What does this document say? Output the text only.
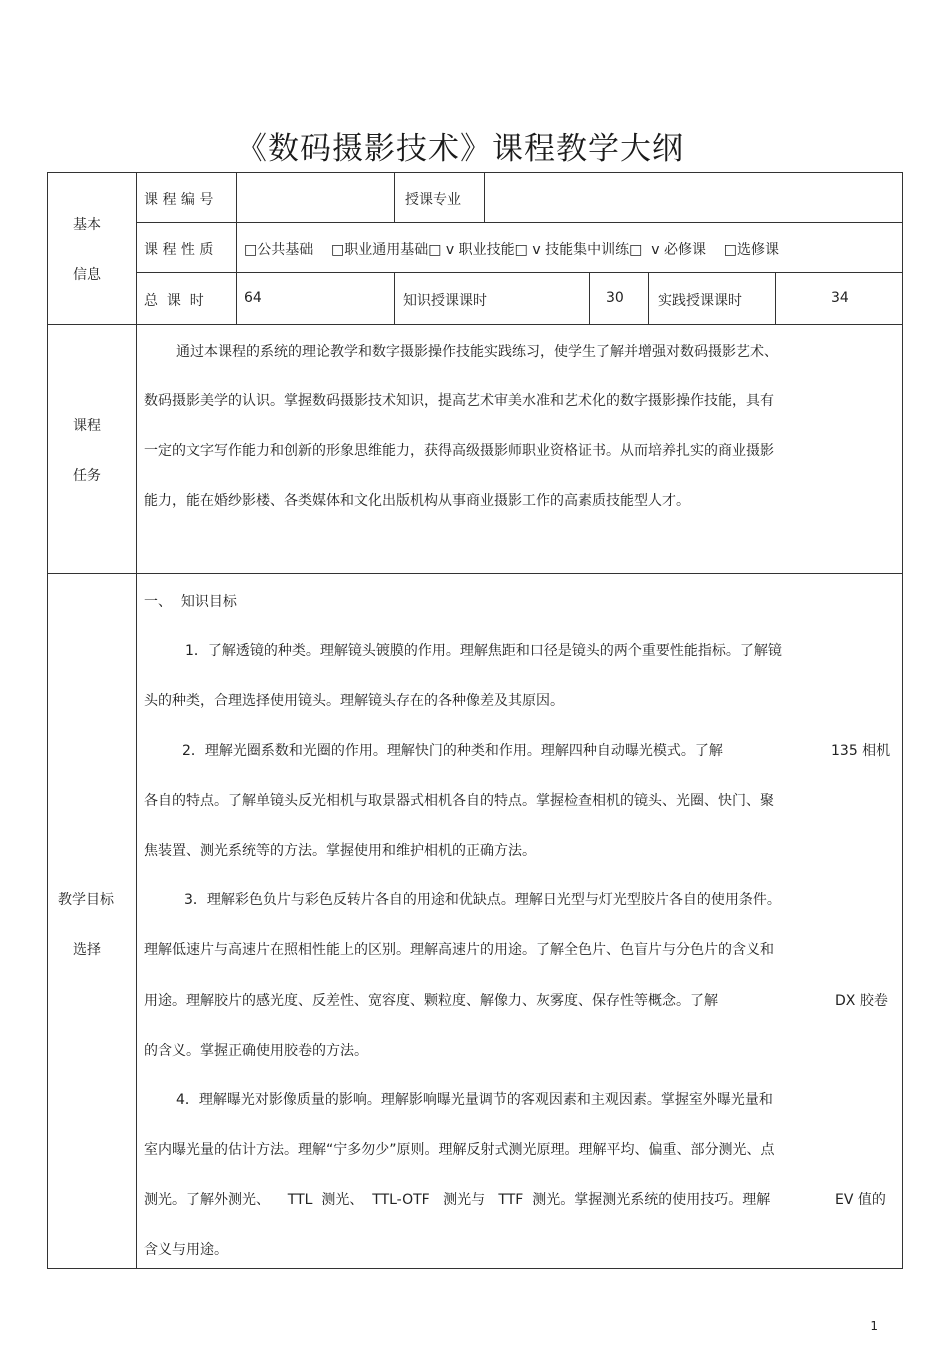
《数码摄影技术》课程教学大纲
基本
信息
课 程 编 号	授课专业
课 程 性 质 □公共基础    □职业通用基础□ v 职业技能□ v 技能集中训练□  v 必修课    □选修课
总  课  时	64	知识授课课时	30 实践授课课时	34
课程
任务
通过本课程的系统的理论教学和数字摄影操作技能实践练习，使学生了解并增强对数码摄影艺术、
数码摄影美学的认识。掌握数码摄影技术知识，提高艺术审美水准和艺术化的数字摄影操作技能，具有
一定的文字写作能力和创新的形象思维能力，获得高级摄影师职业资格证书。从而培养扎实的商业摄影
能力，能在婚纱影楼、各类媒体和文化出版机构从事商业摄影工作的高素质技能型人才。
教学目标
选择
一、  知识目标
1．了解透镜的种类。理解镜头镀膜的作用。理解焦距和口径是镜头的两个重要性能指标。了解镜
头的种类，合理选择使用镜头。理解镜头存在的各种像差及其原因。
2．理解光圈系数和光圈的作用。理解快门的种类和作用。理解四种自动曝光模式。了解	135 相机
各自的特点。了解单镜头反光相机与取景器式相机各自的特点。掌握检查相机的镜头、光圈、快门、聚
焦装置、测光系统等的方法。掌握使用和维护相机的正确方法。
3．理解彩色负片与彩色反转片各自的用途和优缺点。理解日光型与灯光型胶片各自的使用条件。
理解低速片与高速片在照相性能上的区别。理解高速片的用途。了解全色片、色盲片与分色片的含义和
用途。理解胶片的感光度、反差性、宽容度、颗粒度、解像力、灰雾度、保存性等概念。了解	DX 胶卷
的含义。掌握正确使用胶卷的方法。
4．理解曝光对影像质量的影响。理解影响曝光量调节的客观因素和主观因素。掌握室外曝光量和
室内曝光量的估计方法。理解“宁多勿少”原则。理解反射式测光原理。理解平均、偏重、部分测光、点
测光。了解外测光、    TTL  测光、  TTL-OTF   测光与   TTF  测光。掌握测光系统的使用技巧。理解	EV 值的
含义与用途。
1
